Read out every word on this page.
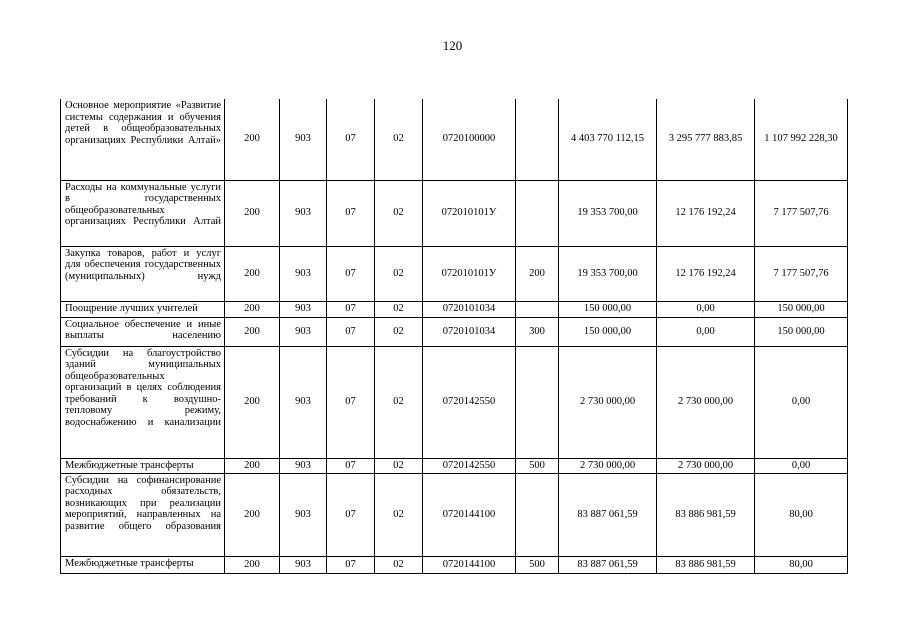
120
Основное мероприятие «Развитие системы содержания и обучения детей в общеобразовательных организациях Республики Алтай»	200	903	07	02	0720100000		4 403 770 112,15	3 295 777 883,85	1 107 992 228,30
Расходы на коммунальные услуги в государственных общеобразовательных организациях Республики Алтай	200	903	07	02	072010101У		19 353 700,00	12 176 192,24	7 177 507,76
Закупка товаров, работ и услуг для обеспечения государственных (муниципальных) нужд	200	903	07	02	072010101У	200	19 353 700,00	12 176 192,24	7 177 507,76
Поощрение лучших учителей	200	903	07	02	0720101034		150 000,00	0,00	150 000,00
Социальное обеспечение и иные выплаты населению	200	903	07	02	0720101034	300	150 000,00	0,00	150 000,00
Субсидии на благоустройство зданий муниципальных общеобразовательных организаций в целях соблюдения требований к воздушно-тепловому режиму, водоснабжению и канализации	200	903	07	02	0720142550		2 730 000,00	2 730 000,00	0,00
Межбюджетные трансферты	200	903	07	02	0720142550	500	2 730 000,00	2 730 000,00	0,00
Субсидии на софинансирование расходных обязательств, возникающих при реализации мероприятий, направленных на развитие общего образования	200	903	07	02	0720144100		83 887 061,59	83 886 981,59	80,00
Межбюджетные трансферты	200	903	07	02	0720144100	500	83 887 061,59	83 886 981,59	80,00
